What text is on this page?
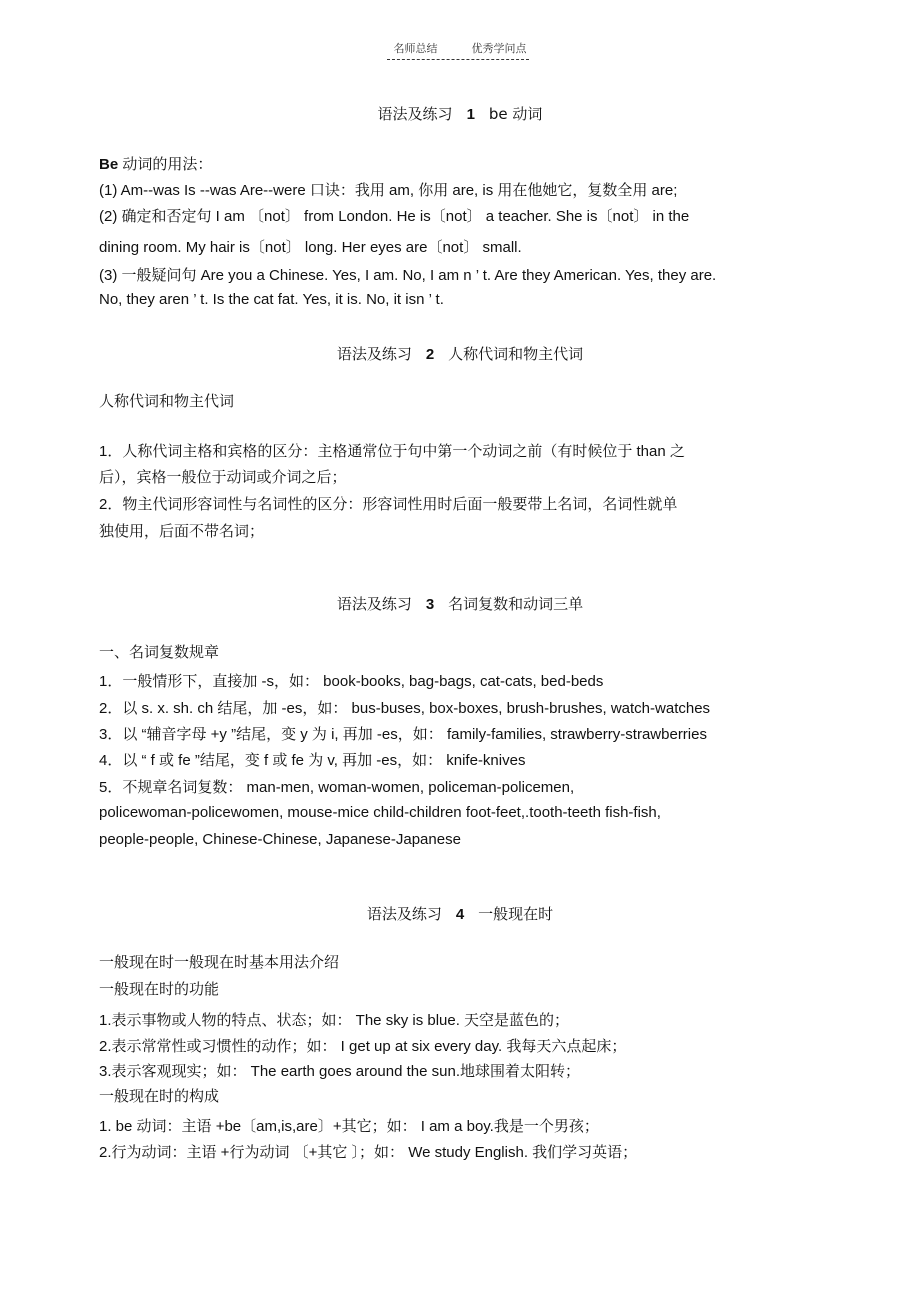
名师总结	优秀学问点
语法及练习 1 be 动词
Be 动词的用法：
(1) Am--was Is --was Are--were 口诀：我用 am, 你用 are, is 用在他她它，复数全用 are;
(2) 确定和否定句 I am 〔not〕 from London. He is〔not〕 a teacher. She is〔not〕 in the
dining room. My hair is〔not〕 long. Her eyes are〔not〕 small.
(3) 一般疑问句 Are you a Chinese. Yes, I am. No, I am n ’ t. Are they American. Yes, they are.
No, they aren ’ t. Is the cat fat. Yes, it is. No, it isn ’ t.
语法及练习 2 人称代词和物主代词
人称代词和物主代词
1．人称代词主格和宾格的区分：主格通常位于句中第一个动词之前（有时候位于 than 之
后），宾格一般位于动词或介词之后；
2．物主代词形容词性与名词性的区分：形容词性用时后面一般要带上名词，名词性就单
独使用，后面不带名词；
语法及练习 3 名词复数和动词三单
一、名词复数规章
1．一般情形下，直接加 -s，如： book-books, bag-bags, cat-cats, bed-beds
2．以 s. x. sh. ch 结尾，加 -es，如： bus-buses, box-boxes, brush-brushes, watch-watches
3．以 “辅音字母 +y ”结尾，变 y 为 i, 再加 -es，如： family-families, strawberry-strawberries
4．以 “ f 或 fe ”结尾，变 f 或 fe 为 v, 再加 -es，如： knife-knives
5．不规章名词复数： man-men, woman-women, policeman-policemen,
policewoman-policewomen, mouse-mice child-children foot-feet,.tooth-teeth fish-fish,
people-people, Chinese-Chinese, Japanese-Japanese
语法及练习 4 一般现在时
一般现在时一般现在时基本用法介绍
一般现在时的功能
1.表示事物或人物的特点、状态；如： The sky is blue. 天空是蓝色的；
2.表示常常性或习惯性的动作；如： I get up at six every day. 我每天六点起床；
3.表示客观现实；如： The earth goes around the sun.地球围着太阳转；
一般现在时的构成
1. be 动词：主语 +be〔am,is,are〕+其它；如： I am a boy.我是一个男孩；
2.行为动词：主语 +行为动词 〔+其它 〕；如： We study English. 我们学习英语；
